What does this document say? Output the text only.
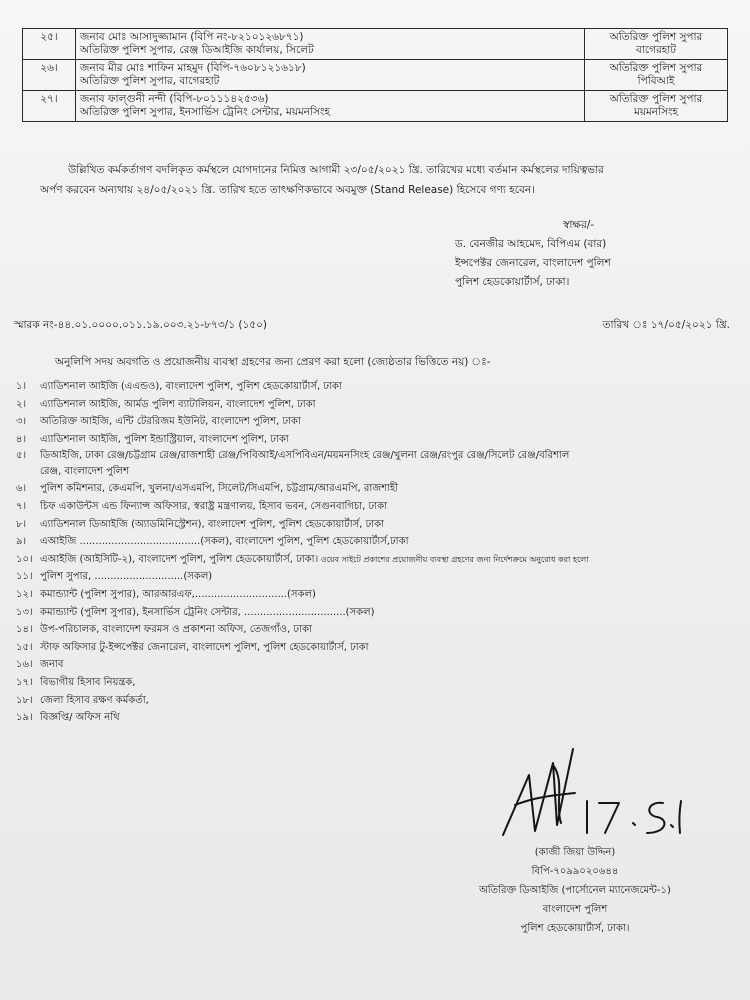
২৫।	জনাব মোঃ আসাদুজ্জামান (বিপি নং-৮২১০১২৬৮৭১)
অতিরিক্ত পুলিশ সুপার, রেঞ্জ ডিআইজি কার্যালয়, সিলেট	অতিরিক্ত পুলিশ সুপার
বাগেরহাট

২৬।	জনাব মীর মোঃ শাফিন মাহমুদ (বিপি-৭৬০৮১২১৬১৮)
অতিরিক্ত পুলিশ সুপার, বাগেরহাট	অতিরিক্ত পুলিশ সুপার
পিবিআই

২৭।	জনাব ফাল্গুনী নন্দী (বিপি-৮০১১১৪২৫৩৬)
অতিরিক্ত পুলিশ সুপার, ইনসার্ভিস ট্রেনিং সেন্টার, ময়মনসিংহ	অতিরিক্ত পুলিশ সুপার
ময়মনসিংহ
উল্লিখিত কর্মকর্তাগণ বদলিকৃত কর্মস্থলে যোগদানের নিমিত্ত আগামী ২৩/০৫/২০২১ খ্রি. তারিখের মধ্যে বর্তমান কর্মস্থলের দায়িত্বভার
অর্পণ করবেন অন্যথায় ২৪/০৫/২০২১ খ্রি. তারিখ হতে তাৎক্ষণিকভাবে অবমুক্ত (Stand Release) হিসেবে গণ্য হবেন।
স্বাক্ষর/-
ড. বেনজীর আহমেদ, বিপিএম (বার)
ইন্সপেক্টর জেনারেল, বাংলাদেশ পুলিশ
পুলিশ হেডকোয়ার্টার্স, ঢাকা।
স্মারক নং-৪৪.০১.০০০০.০১১.১৯.০০৩.২১-৮৭৩/১ (১৫০)	তারিখ ঃ ১৭/০৫/২০২১ খ্রি.
অনুলিপি সদয় অবগতি ও প্রয়োজনীয় ব্যবস্থা গ্রহণের জন্য প্রেরণ করা হলো (জ্যেষ্ঠতার ভিত্তিতে নয়) ঃ-
১।	এ্যাডিশনাল আইজি (এএন্ডও), বাংলাদেশ পুলিশ, পুলিশ হেডকোয়ার্টার্স, ঢাকা
২।	এ্যাডিশনাল আইজি, আর্মড পুলিশ ব্যাটালিয়ন, বাংলাদেশ পুলিশ, ঢাকা
৩।	অতিরিক্ত আইজি, এন্টি টেররিজম ইউনিট, বাংলাদেশ পুলিশ, ঢাকা
৪।	এ্যাডিশনাল আইজি, পুলিশ ইন্ডাস্ট্রিয়াল, বাংলাদেশ পুলিশ, ঢাকা
৫।	ডিআইজি, ঢাকা রেঞ্জ/চট্টগ্রাম রেঞ্জ/রাজশাহী রেঞ্জ/পিবিআই/এসপিবিএন/ময়মনসিংহ রেঞ্জ/খুলনা রেঞ্জ/রংপুর রেঞ্জ/সিলেট রেঞ্জ/বরিশাল
রেঞ্জ, বাংলাদেশ পুলিশ
৬।	পুলিশ কমিশনার, কেএমপি, খুলনা/এসএমপি, সিলেট/সিএমপি, চট্টগ্রাম/আরএমপি, রাজশাহী
৭।	চিফ একাউন্টস এন্ড ফিন্যান্স অফিসার, স্বরাষ্ট্র মন্ত্রণালয়, হিসাব ভবন, সেগুনবাগিচা, ঢাকা
৮।	এ্যাডিশনাল ডিআইজি (অ্যাডমিনিস্ট্রেশন), বাংলাদেশ পুলিশ, পুলিশ হেডকোয়ার্টার্স, ঢাকা
৯।	এআইজি ......................................(সকল), বাংলাদেশ পুলিশ, পুলিশ হেডকোয়ার্টার্স,ঢাকা
১০। এআইজি (আইসিটি-২), বাংলাদেশ পুলিশ, পুলিশ হেডকোয়ার্টার্স, ঢাকা। ওয়েব সাইটে প্রকাশের প্রয়োজনীয় ব্যবস্থা গ্রহণের জন্য নির্দেশক্রমে অনুরোধ করা হলো
১১। পুলিশ সুপার, ............................(সকল)
১২। কমান্ড্যান্ট (পুলিশ সুপার), আরআরএফ,.............................(সকল)
১৩। কমান্ড্যান্ট (পুলিশ সুপার), ইনসার্ভিস ট্রেনিং সেন্টার, ................................(সকল)
১৪। উপ-পরিচালক, বাংলাদেশ ফরমস ও প্রকাশনা অফিস, তেজগাঁও, ঢাকা
১৫। স্টাফ অফিসার টু-ইন্সপেক্টর জেনারেল, বাংলাদেশ পুলিশ, পুলিশ হেডকোয়ার্টার্স, ঢাকা
১৬। জনাব
১৭। বিভাগীয় হিসাব নিয়ন্ত্রক,
১৮। জেলা হিসাব রক্ষণ কর্মকর্তা,
১৯। বিজ্ঞপ্তি/ অফিস নথি
(কাজী জিয়া উদ্দিন)
বিপি-৭০৯৯০২০৬৪৪
অতিরিক্ত ডিআইজি (পার্সোনেল ম্যানেজমেন্ট-১)
বাংলাদেশ পুলিশ
পুলিশ হেডকোয়ার্টার্স, ঢাকা।
